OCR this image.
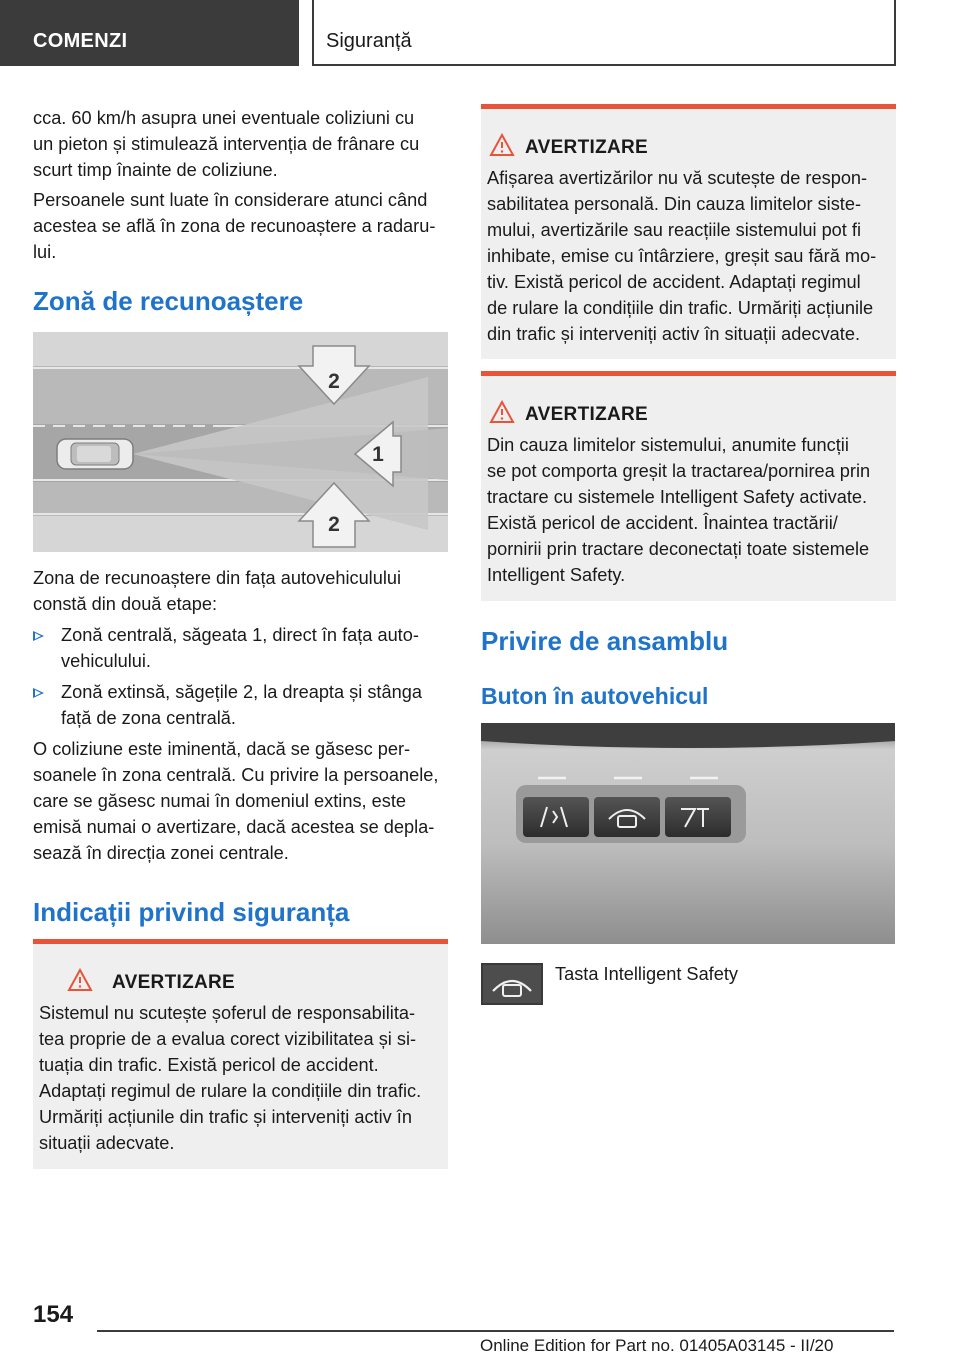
COMENZI	Siguranță
cca. 60 km/h asupra unei eventuale coliziuni cu
un pieton și stimulează intervenția de frânare cu
scurt timp înainte de coliziune.
Persoanele sunt luate în considerare atunci când
acestea se află în zona de recunoaștere a radaru-
lui.
Zonă de recunoaștere
2
1
2
Zona de recunoaștere din fața autovehiculului
constă din două etape:
Zonă centrală, săgeata 1, direct în fața auto-
vehiculului.
Zonă extinsă, săgețile 2, la dreapta și stânga
față de zona centrală.
O coliziune este iminentă, dacă se găsesc per-
soanele în zona centrală. Cu privire la persoanele,
care se găsesc numai în domeniul extins, este
emisă numai o avertizare, dacă acestea se depla-
sează în direcția zonei centrale.
Indicații privind siguranța
AVERTIZARE
Sistemul nu scutește șoferul de responsabilita-
tea proprie de a evalua corect vizibilitatea și si-
tuația din trafic. Există pericol de accident.
Adaptați regimul de rulare la condițiile din trafic.
Urmăriți acțiunile din trafic și interveniți activ în
situații adecvate.
AVERTIZARE
Afișarea avertizărilor nu vă scutește de respon-
sabilitatea personală. Din cauza limitelor siste-
mului, avertizările sau reacțiile sistemului pot fi
inhibate, emise cu întârziere, greșit sau fără mo-
tiv. Există pericol de accident. Adaptați regimul
de rulare la condițiile din trafic. Urmăriți acțiunile
din trafic și interveniți activ în situații adecvate.
AVERTIZARE
Din cauza limitelor sistemului, anumite funcții
se pot comporta greșit la tractarea/pornirea prin
tractare cu sistemele Intelligent Safety activate.
Există pericol de accident. Înaintea tractării/
pornirii prin tractare deconectați toate sistemele
Intelligent Safety.
Privire de ansamblu
Buton în autovehicul
Tasta Intelligent Safety
154
Online Edition for Part no. 01405A03145 - II/20
